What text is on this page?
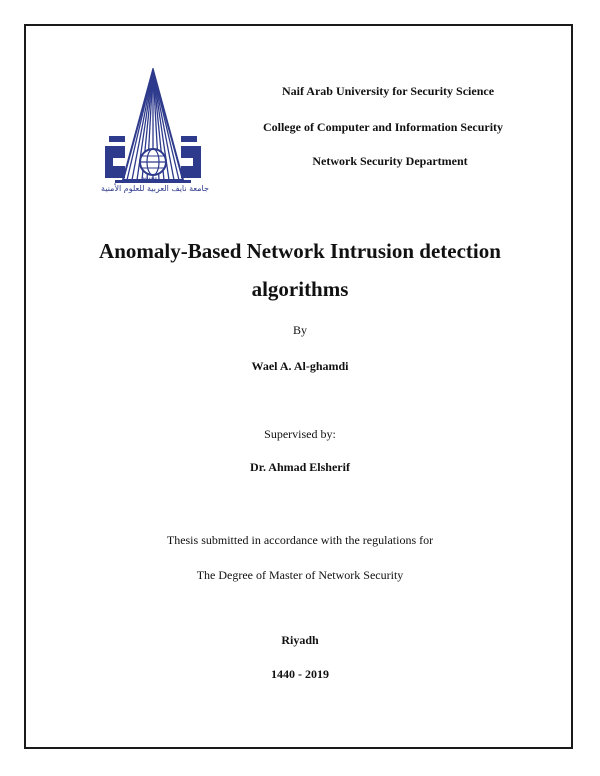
NAUSS
جامعة نايف العربية للعلوم الأمنية
Naif Arab University for Security Science
College of Computer and Information Security
Network Security Department
Anomaly-Based Network Intrusion detection
algorithms
By
Wael A. Al-ghamdi
Supervised by:
Dr. Ahmad Elsherif
Thesis submitted in accordance with the regulations for
The Degree of Master of Network Security
Riyadh
1440 - 2019
